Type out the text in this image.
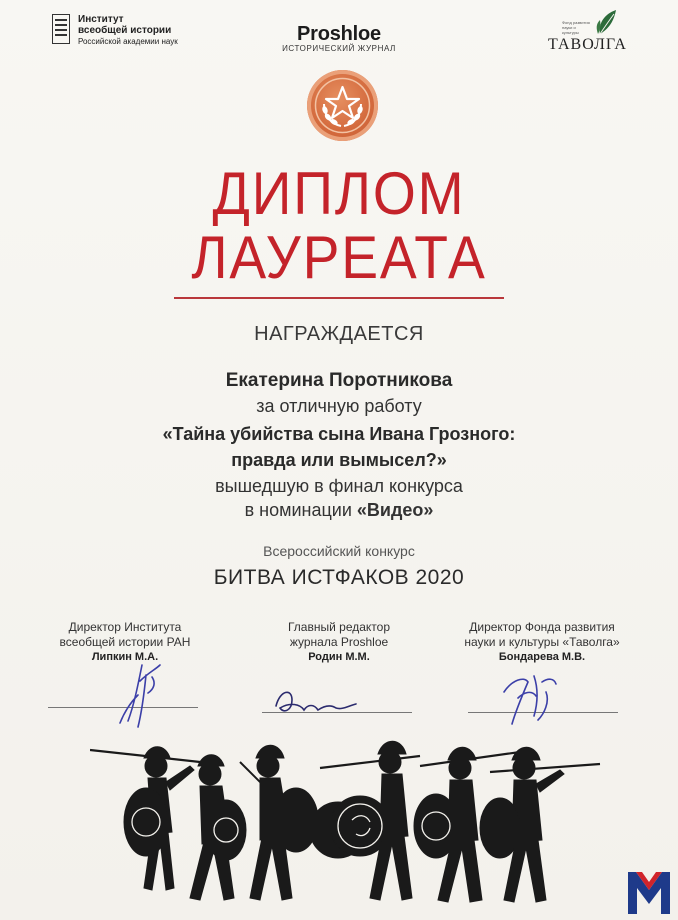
Институт
всеобщей истории
Российской академии наук	Proshloe
ИСТОРИЧЕСКИЙ ЖУРНАЛ
Фонд развития науки и культуры
ТАВОЛГА
ДИПЛОМ
ЛАУРЕАТА
НАГРАЖДАЕТСЯ
Екатерина Поротникова
за отличную работу
«Тайна убийства сына Ивана Грозного:
правда или вымысел?»
вышедшую в финал конкурса
в номинации «Видео»
Всероссийский конкурс
БИТВА ИСТФАКОВ 2020
Директор Института
всеобщей истории РАН
Липкин М.А.
Главный редактор
журнала Proshloe
Родин М.М.
Директор Фонда развития
науки и культуры «Таволга»
Бондарева М.В.
